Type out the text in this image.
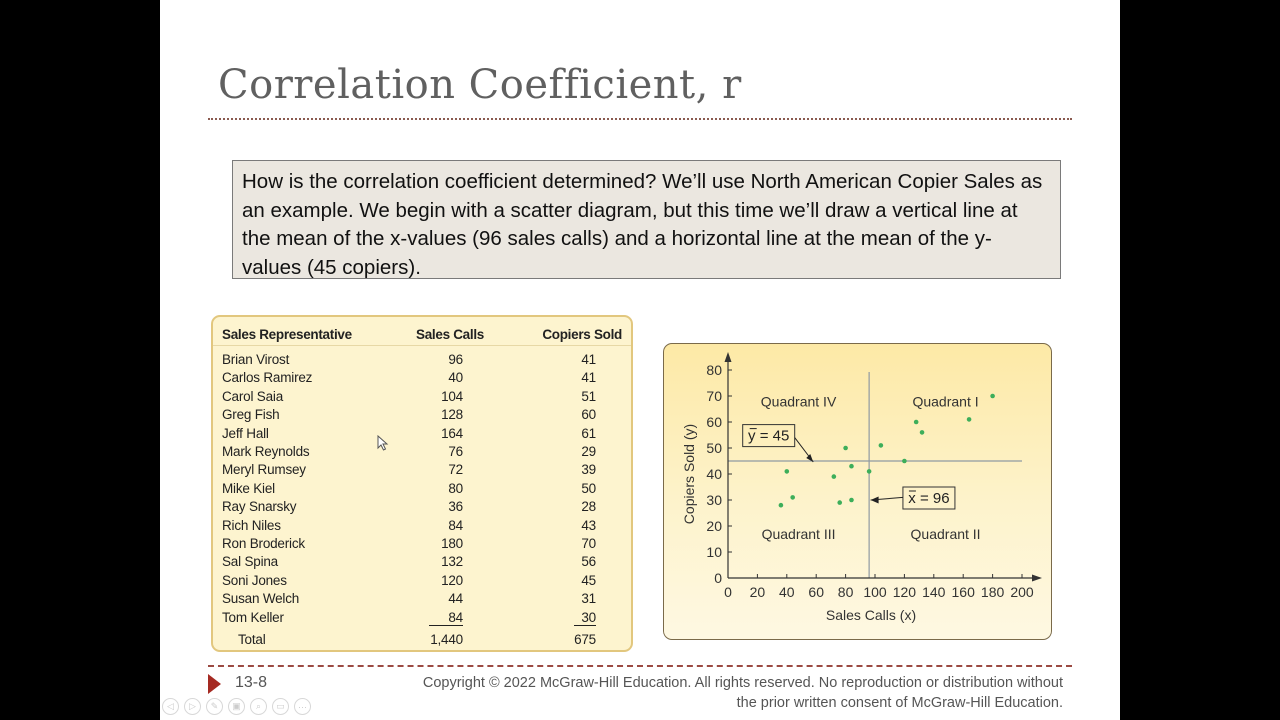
Correlation Coefficient, r
How is the correlation coefficient determined? We’ll use North American Copier Sales as an example. We begin with a scatter diagram, but this time we’ll draw a vertical line at the mean of the x-values (96 sales calls) and a horizontal line at the mean of the y-values (45 copiers).
Sales Representative	Sales Calls	Copiers Sold
Brian Virost	96	41
Carlos Ramirez	40	41
Carol Saia	104	51
Greg Fish	128	60
Jeff Hall	164	61
Mark Reynolds	76	29
Meryl Rumsey	72	39
Mike Kiel	80	50
Ray Snarsky	36	28
Rich Niles	84	43
Ron Broderick	180	70
Sal Spina	132	56
Soni Jones	120	45
Susan Welch	44	31
Tom Keller	84	30
Total	1,440	675
0 20 40 60 80 100 120 140 160 180 200
0
10
20
30
40
50
60
70
80
Sales Calls (x)
Copiers Sold (y)
Quadrant IV	Quadrant I
Quadrant III	Quadrant II
y = 45
x = 96
13-8	Copyright © 2022 McGraw-Hill Education. All rights reserved. No reproduction or distribution without
the prior written consent of McGraw-Hill Education.
◁ ▷ ✎ ▣ ⌕ ▭ ···
